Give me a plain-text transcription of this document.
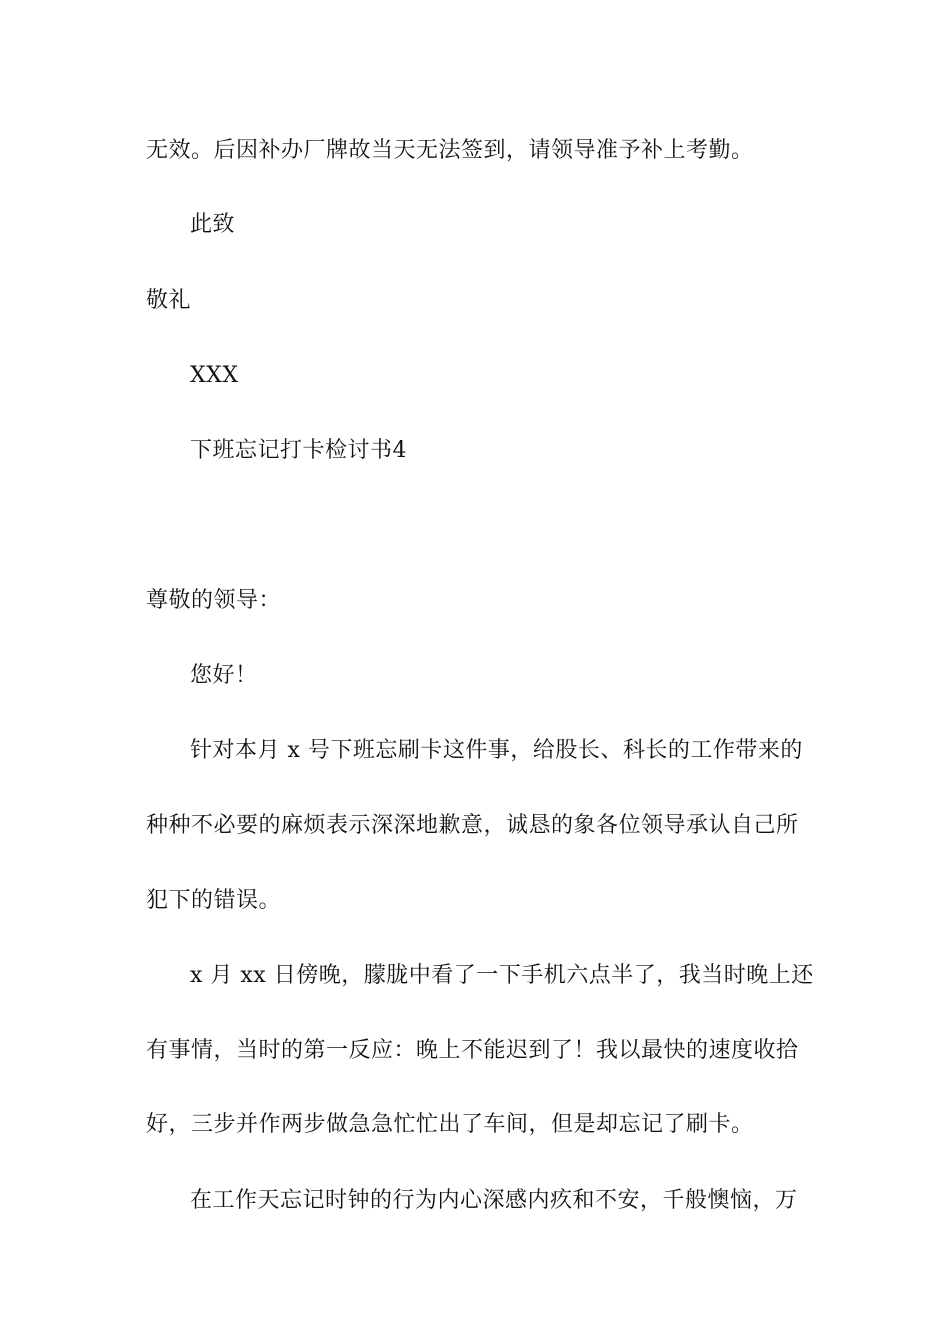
无效。后因补办厂牌故当天无法签到，请领导准予补上考勤。
此致
敬礼
XXX
下班忘记打卡检讨书4
尊敬的领导：
您好！
针对本月 x 号下班忘刷卡这件事，给股长、科长的工作带来的
种种不必要的麻烦表示深深地歉意，诚恳的象各位领导承认自己所
犯下的错误。
x 月 xx 日傍晚，朦胧中看了一下手机六点半了，我当时晚上还
有事情，当时的第一反应：晚上不能迟到了！我以最快的速度收拾
好，三步并作两步做急急忙忙出了车间，但是却忘记了刷卡。
在工作天忘记时钟的行为内心深感内疚和不安，千般懊恼，万
